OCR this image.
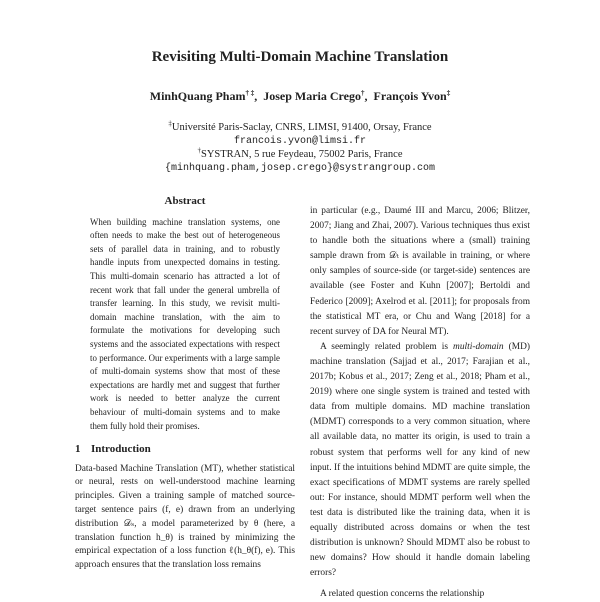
Revisiting Multi-Domain Machine Translation
MinhQuang Pham† ‡,  Josep Maria Crego†,  François Yvon‡
‡Université Paris-Saclay, CNRS, LIMSI, 91400, Orsay, France
francois.yvon@limsi.fr
†SYSTRAN, 5 rue Feydeau, 75002 Paris, France
{minhquang.pham,josep.crego}@systrangroup.com
Abstract
When building machine translation systems, one often needs to make the best out of heterogeneous sets of parallel data in training, and to robustly handle inputs from unexpected domains in testing. This multi-domain scenario has attracted a lot of recent work that fall under the general umbrella of transfer learning. In this study, we revisit multi-domain machine translation, with the aim to formulate the motivations for developing such systems and the associated expectations with respect to performance. Our experiments with a large sample of multi-domain systems show that most of these expectations are hardly met and suggest that further work is needed to better analyze the current behaviour of multi-domain systems and to make them fully hold their promises.
1 Introduction
Data-based Machine Translation (MT), whether statistical or neural, rests on well-understood machine learning principles. Given a training sample of matched source-target sentence pairs (f, e) drawn from an underlying distribution 𝒟ₛ, a model parameterized by θ (here, a translation function h_θ) is trained by minimizing the empirical expectation of a loss function ℓ(h_θ(f), e). This approach ensures that the translation loss remains

in particular (e.g., Daumé III and Marcu, 2006; Blitzer, 2007; Jiang and Zhai, 2007). Various techniques thus exist to handle both the situations where a (small) training sample drawn from 𝒟ₜ is available in training, or where only samples of source-side (or target-side) sentences are available (see Foster and Kuhn [2007]; Bertoldi and Federico [2009]; Axelrod et al. [2011]; for proposals from the statistical MT era, or Chu and Wang [2018] for a recent survey of DA for Neural MT).

A seemingly related problem is multi-domain (MD) machine translation (Sajjad et al., 2017; Farajian et al., 2017b; Kobus et al., 2017; Zeng et al., 2018; Pham et al., 2019) where one single system is trained and tested with data from multiple domains. MD machine translation (MDMT) corresponds to a very common situation, where all available data, no matter its origin, is used to train a robust system that performs well for any kind of new input. If the intuitions behind MDMT are quite simple, the exact specifications of MDMT systems are rarely spelled out: For instance, should MDMT perform well when the test data is distributed like the training data, when it is equally distributed across domains or when the test distribution is unknown? Should MDMT also be robust to new domains? How should it handle domain labeling errors?

A related question concerns the relationship
